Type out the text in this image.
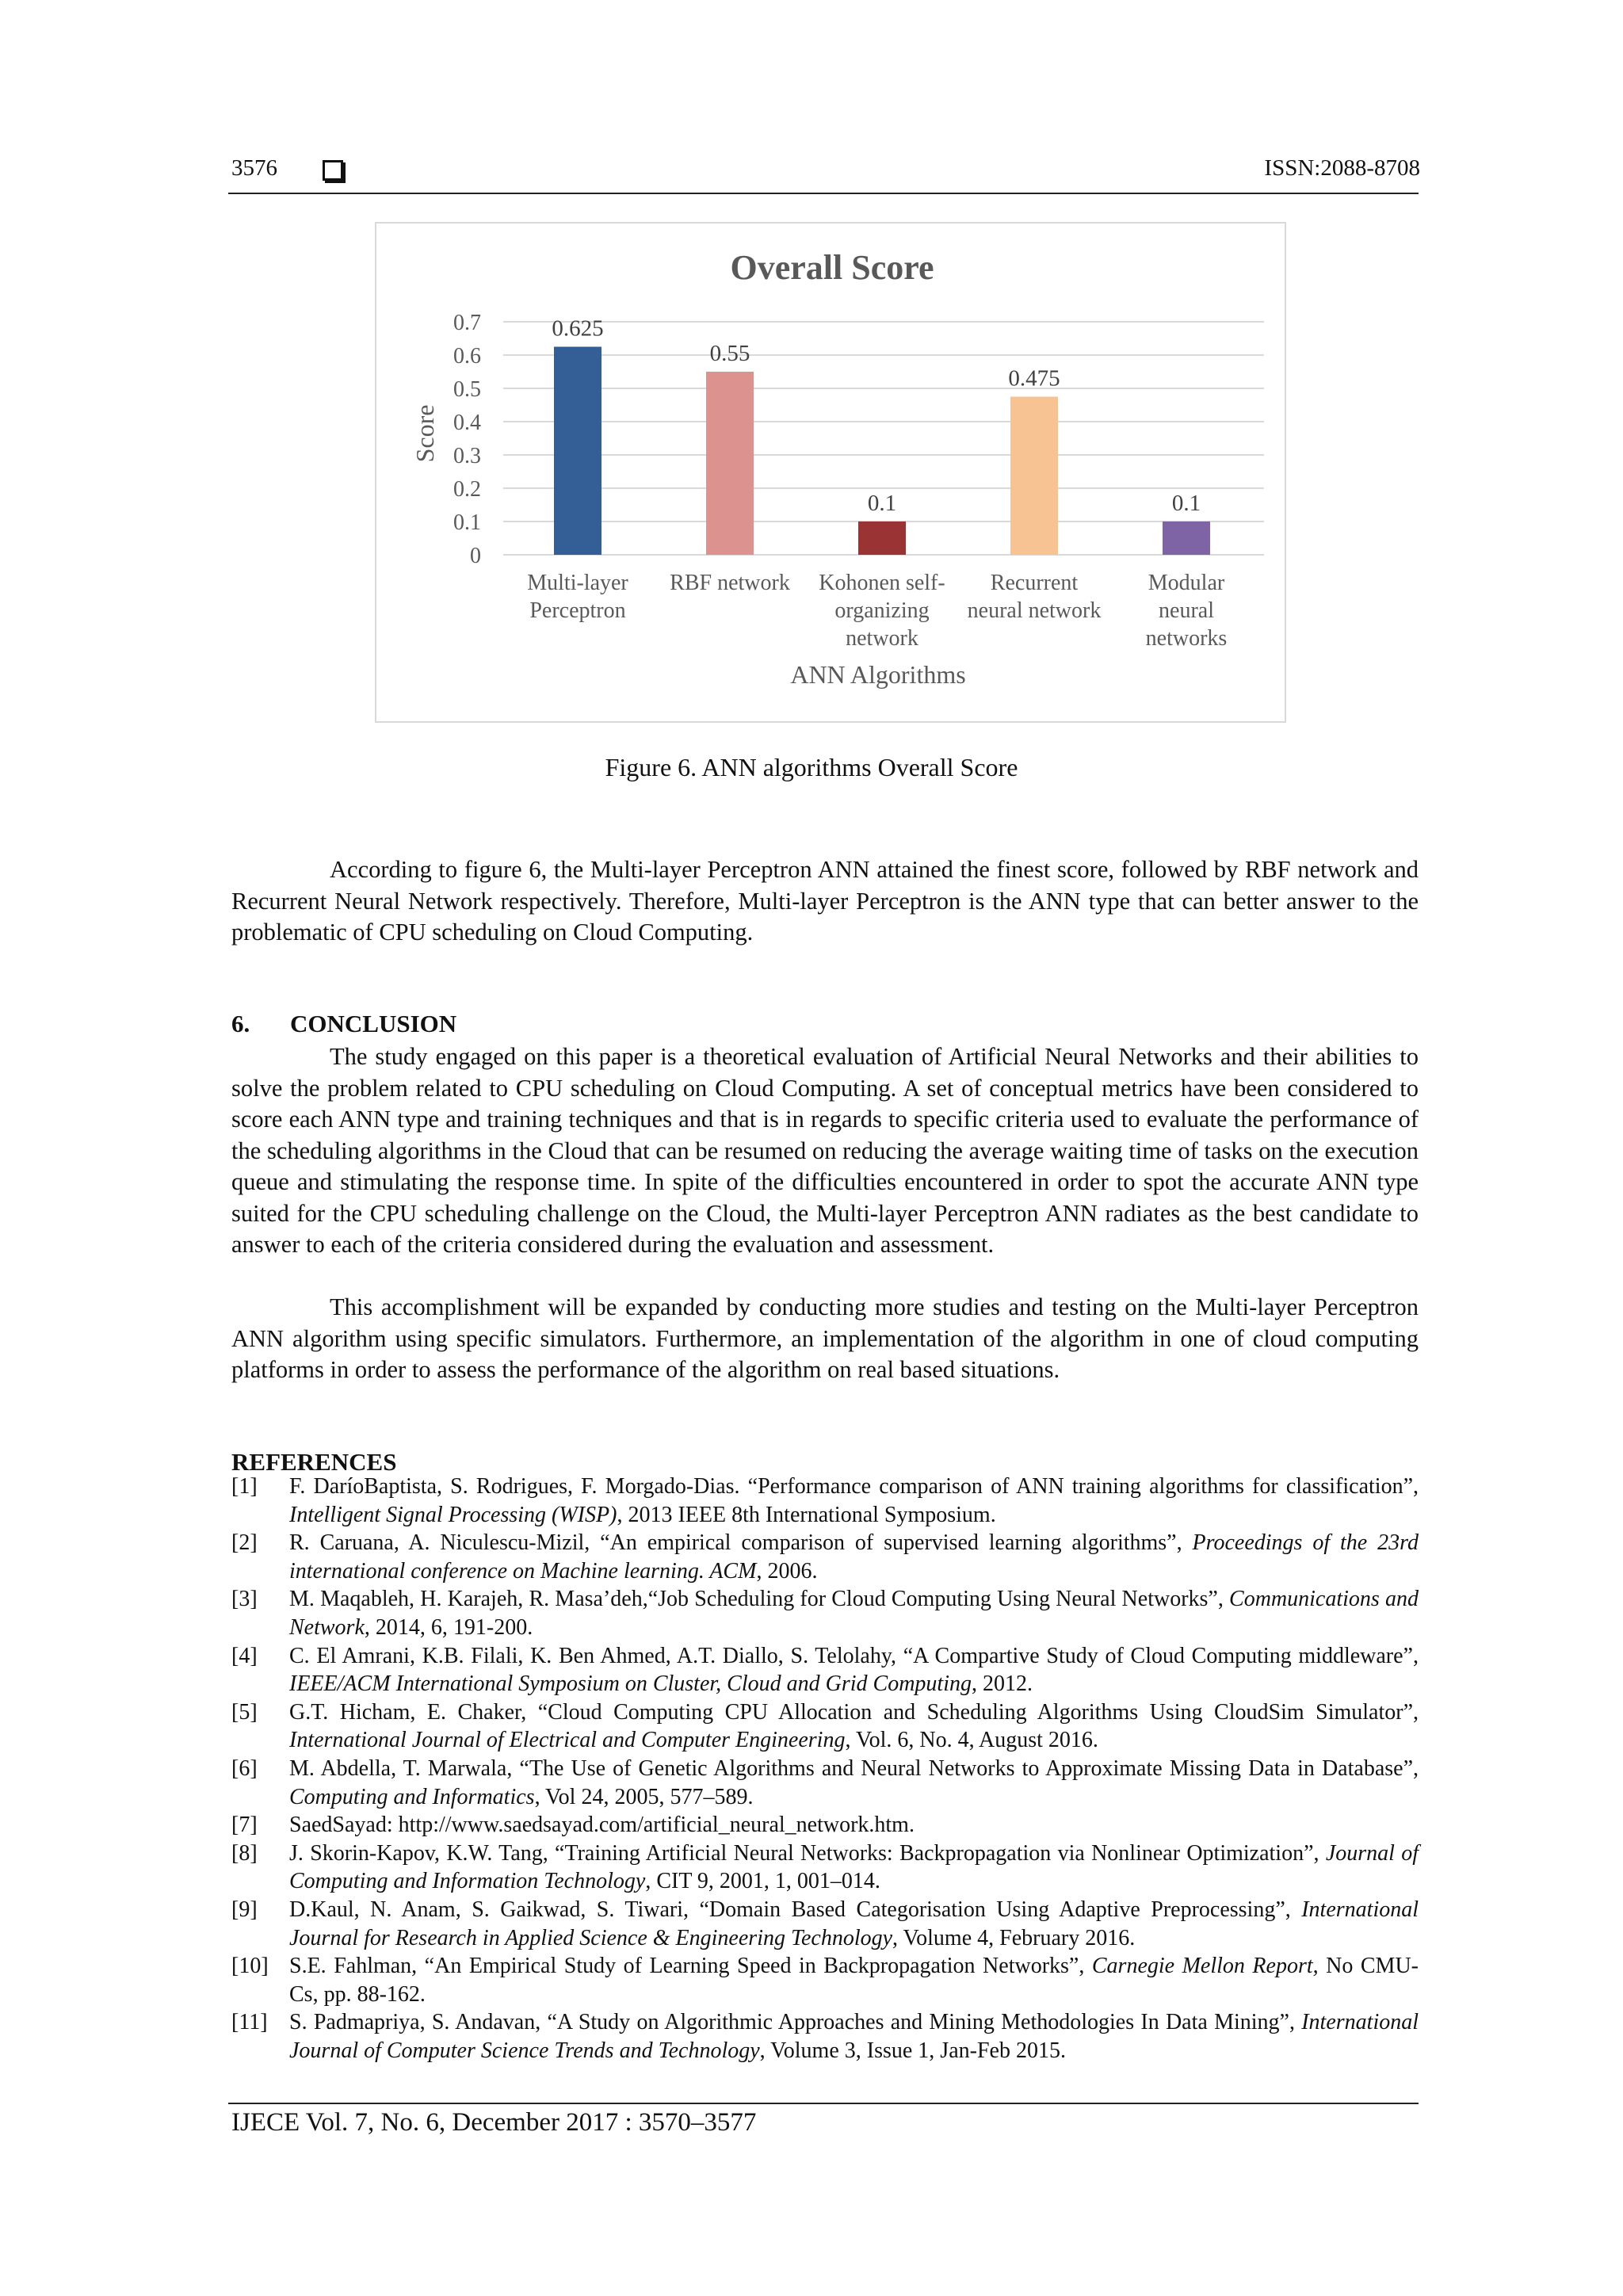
3576	ISSN:2088-8708
Overall Score
0.7
0.6
0.5
0.4
0.3
0.2
0.1
0
Score
0.625
Multi-layer
Perceptron
0.55
RBF network
0.1
Kohonen self-
organizing
network
0.475
Recurrent
neural network
0.1
Modular
neural
networks
ANN Algorithms
Figure 6. ANN algorithms Overall Score

According to figure 6, the Multi-layer Perceptron ANN attained the finest score, followed by RBF network and Recurrent Neural Network respectively. Therefore, Multi-layer Perceptron is the ANN type that can better answer to the problematic of CPU scheduling on Cloud Computing.

6. CONCLUSION

The study engaged on this paper is a theoretical evaluation of Artificial Neural Networks and their abilities to solve the problem related to CPU scheduling on Cloud Computing. A set of conceptual metrics have been considered to score each ANN type and training techniques and that is in regards to specific criteria used to evaluate the performance of the scheduling algorithms in the Cloud that can be resumed on reducing the average waiting time of tasks on the execution queue and stimulating the response time. In spite of the difficulties encountered in order to spot the accurate ANN type suited for the CPU scheduling challenge on the Cloud, the Multi-layer Perceptron ANN radiates as the best candidate to answer to each of the criteria considered during the evaluation and assessment.

This accomplishment will be expanded by conducting more studies and testing on the Multi-layer Perceptron ANN algorithm using specific simulators. Furthermore, an implementation of the algorithm in one of cloud computing platforms in order to assess the performance of the algorithm on real based situations.

REFERENCES
[1] F. DaríoBaptista, S. Rodrigues, F. Morgado-Dias. “Performance comparison of ANN training algorithms for classification”, Intelligent Signal Processing (WISP), 2013 IEEE 8th International Symposium.
[2] R. Caruana, A. Niculescu-Mizil, “An empirical comparison of supervised learning algorithms”, Proceedings of the 23rd international conference on Machine learning. ACM, 2006.
[3] M. Maqableh, H. Karajeh, R. Masa’deh,“Job Scheduling for Cloud Computing Using Neural Networks”, Communications and Network, 2014, 6, 191-200.
[4] C. El Amrani, K.B. Filali, K. Ben Ahmed, A.T. Diallo, S. Telolahy, “A Compartive Study of Cloud Computing middleware”, IEEE/ACM International Symposium on Cluster, Cloud and Grid Computing, 2012.
[5] G.T. Hicham, E. Chaker, “Cloud Computing CPU Allocation and Scheduling Algorithms Using CloudSim Simulator”, International Journal of Electrical and Computer Engineering, Vol. 6, No. 4, August 2016.
[6] M. Abdella, T. Marwala, “The Use of Genetic Algorithms and Neural Networks to Approximate Missing Data in Database”, Computing and Informatics, Vol 24, 2005, 577–589.
[7] SaedSayad: http://www.saedsayad.com/artificial_neural_network.htm.
[8] J. Skorin-Kapov, K.W. Tang, “Training Artificial Neural Networks: Backpropagation via Nonlinear Optimization”, Journal of Computing and Information Technology, CIT 9, 2001, 1, 001–014.
[9] D.Kaul, N. Anam, S. Gaikwad, S. Tiwari, “Domain Based Categorisation Using Adaptive Preprocessing”, International Journal for Research in Applied Science & Engineering Technology, Volume 4, February 2016.
[10] S.E. Fahlman, “An Empirical Study of Learning Speed in Backpropagation Networks”, Carnegie Mellon Report, No CMU- Cs, pp. 88-162.
[11] S. Padmapriya, S. Andavan, “A Study on Algorithmic Approaches and Mining Methodologies In Data Mining”, International Journal of Computer Science Trends and Technology, Volume 3, Issue 1, Jan-Feb 2015.
IJECE Vol. 7, No. 6, December 2017 : 3570–3577
